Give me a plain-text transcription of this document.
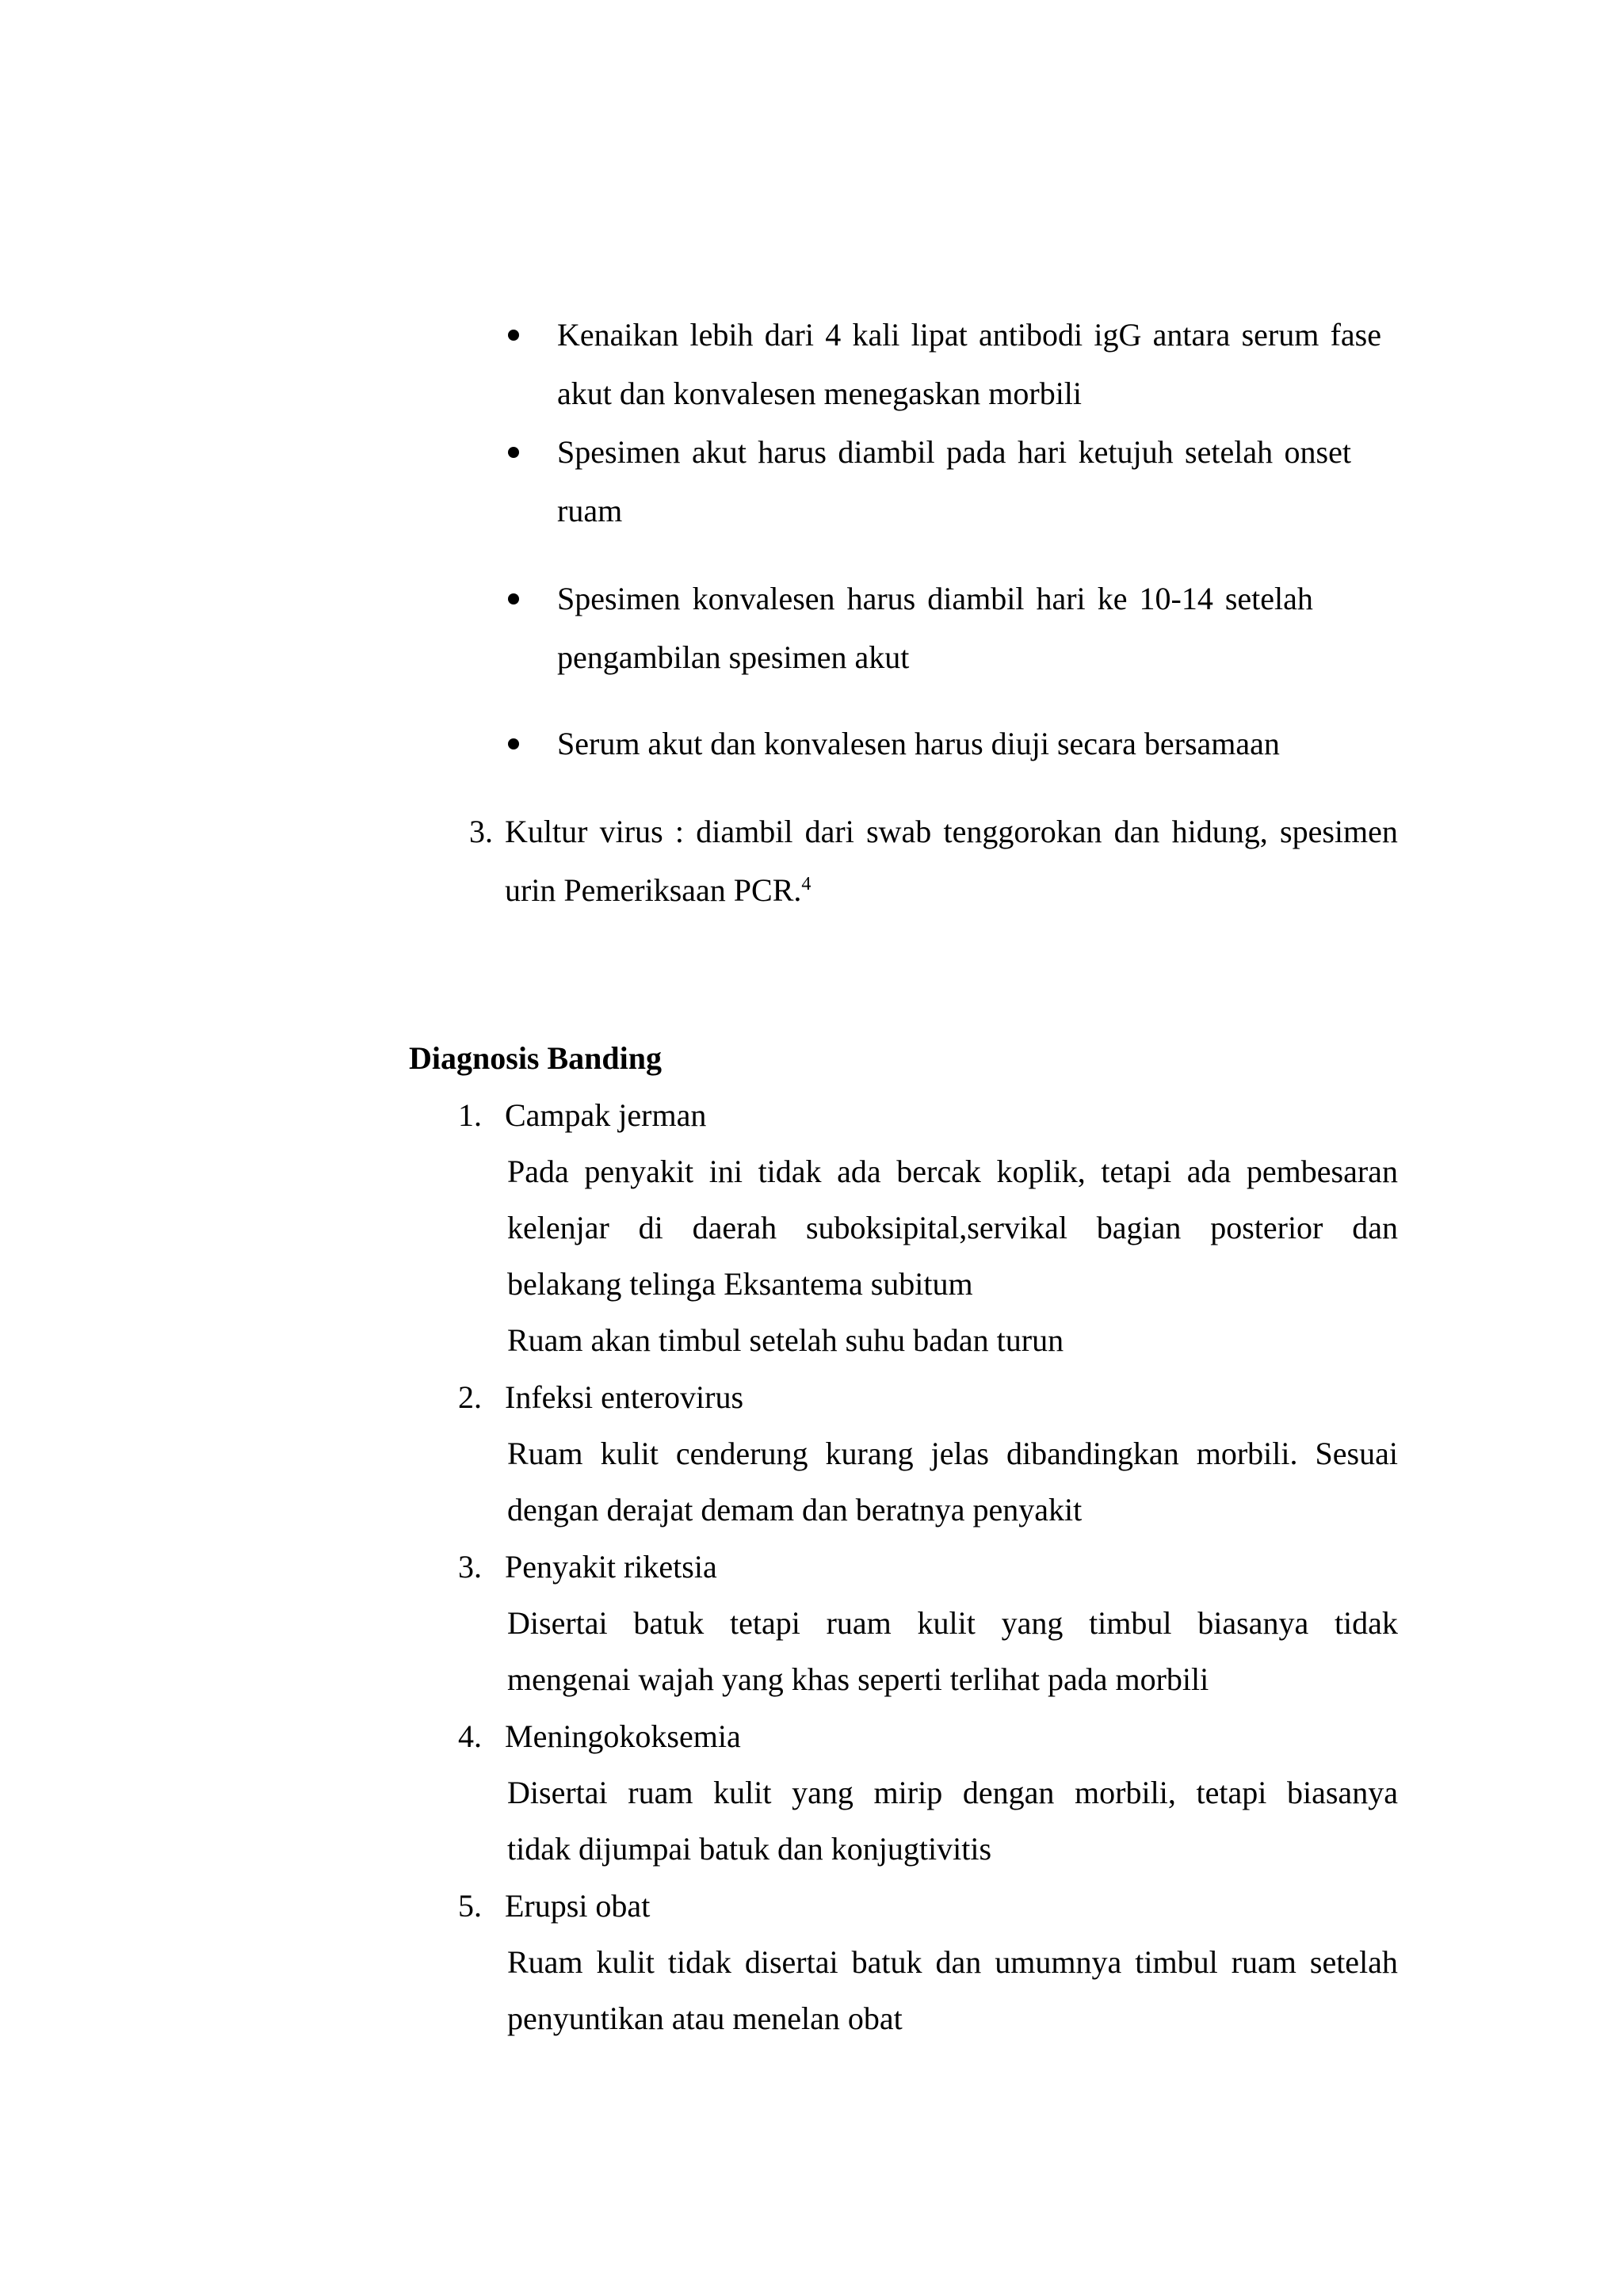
Kenaikan lebih dari 4 kali lipat antibodi igG antara serum fase
akut dan konvalesen menegaskan morbili
Spesimen akut harus diambil pada hari ketujuh setelah onset
ruam
Spesimen konvalesen harus diambil hari ke 10-14 setelah
pengambilan spesimen akut
Serum akut dan konvalesen harus diuji secara bersamaan
3. Kultur virus : diambil dari swab tenggorokan dan hidung, spesimen
urin Pemeriksaan PCR.$^4$
Diagnosis Banding
1. Campak jerman
Pada penyakit ini tidak ada bercak koplik, tetapi ada pembesaran
kelenjar di daerah suboksipital,servikal bagian posterior dan
belakang telinga Eksantema subitum
Ruam akan timbul setelah suhu badan turun
2. Infeksi enterovirus
Ruam kulit cenderung kurang jelas dibandingkan morbili. Sesuai
dengan derajat demam dan beratnya penyakit
3. Penyakit riketsia
Disertai batuk tetapi ruam kulit yang timbul biasanya tidak
mengenai wajah yang khas seperti terlihat pada morbili
4. Meningokoksemia
Disertai ruam kulit yang mirip dengan morbili, tetapi biasanya
tidak dijumpai batuk dan konjugtivitis
5. Erupsi obat
Ruam kulit tidak disertai batuk dan umumnya timbul ruam setelah
penyuntikan atau menelan obat
